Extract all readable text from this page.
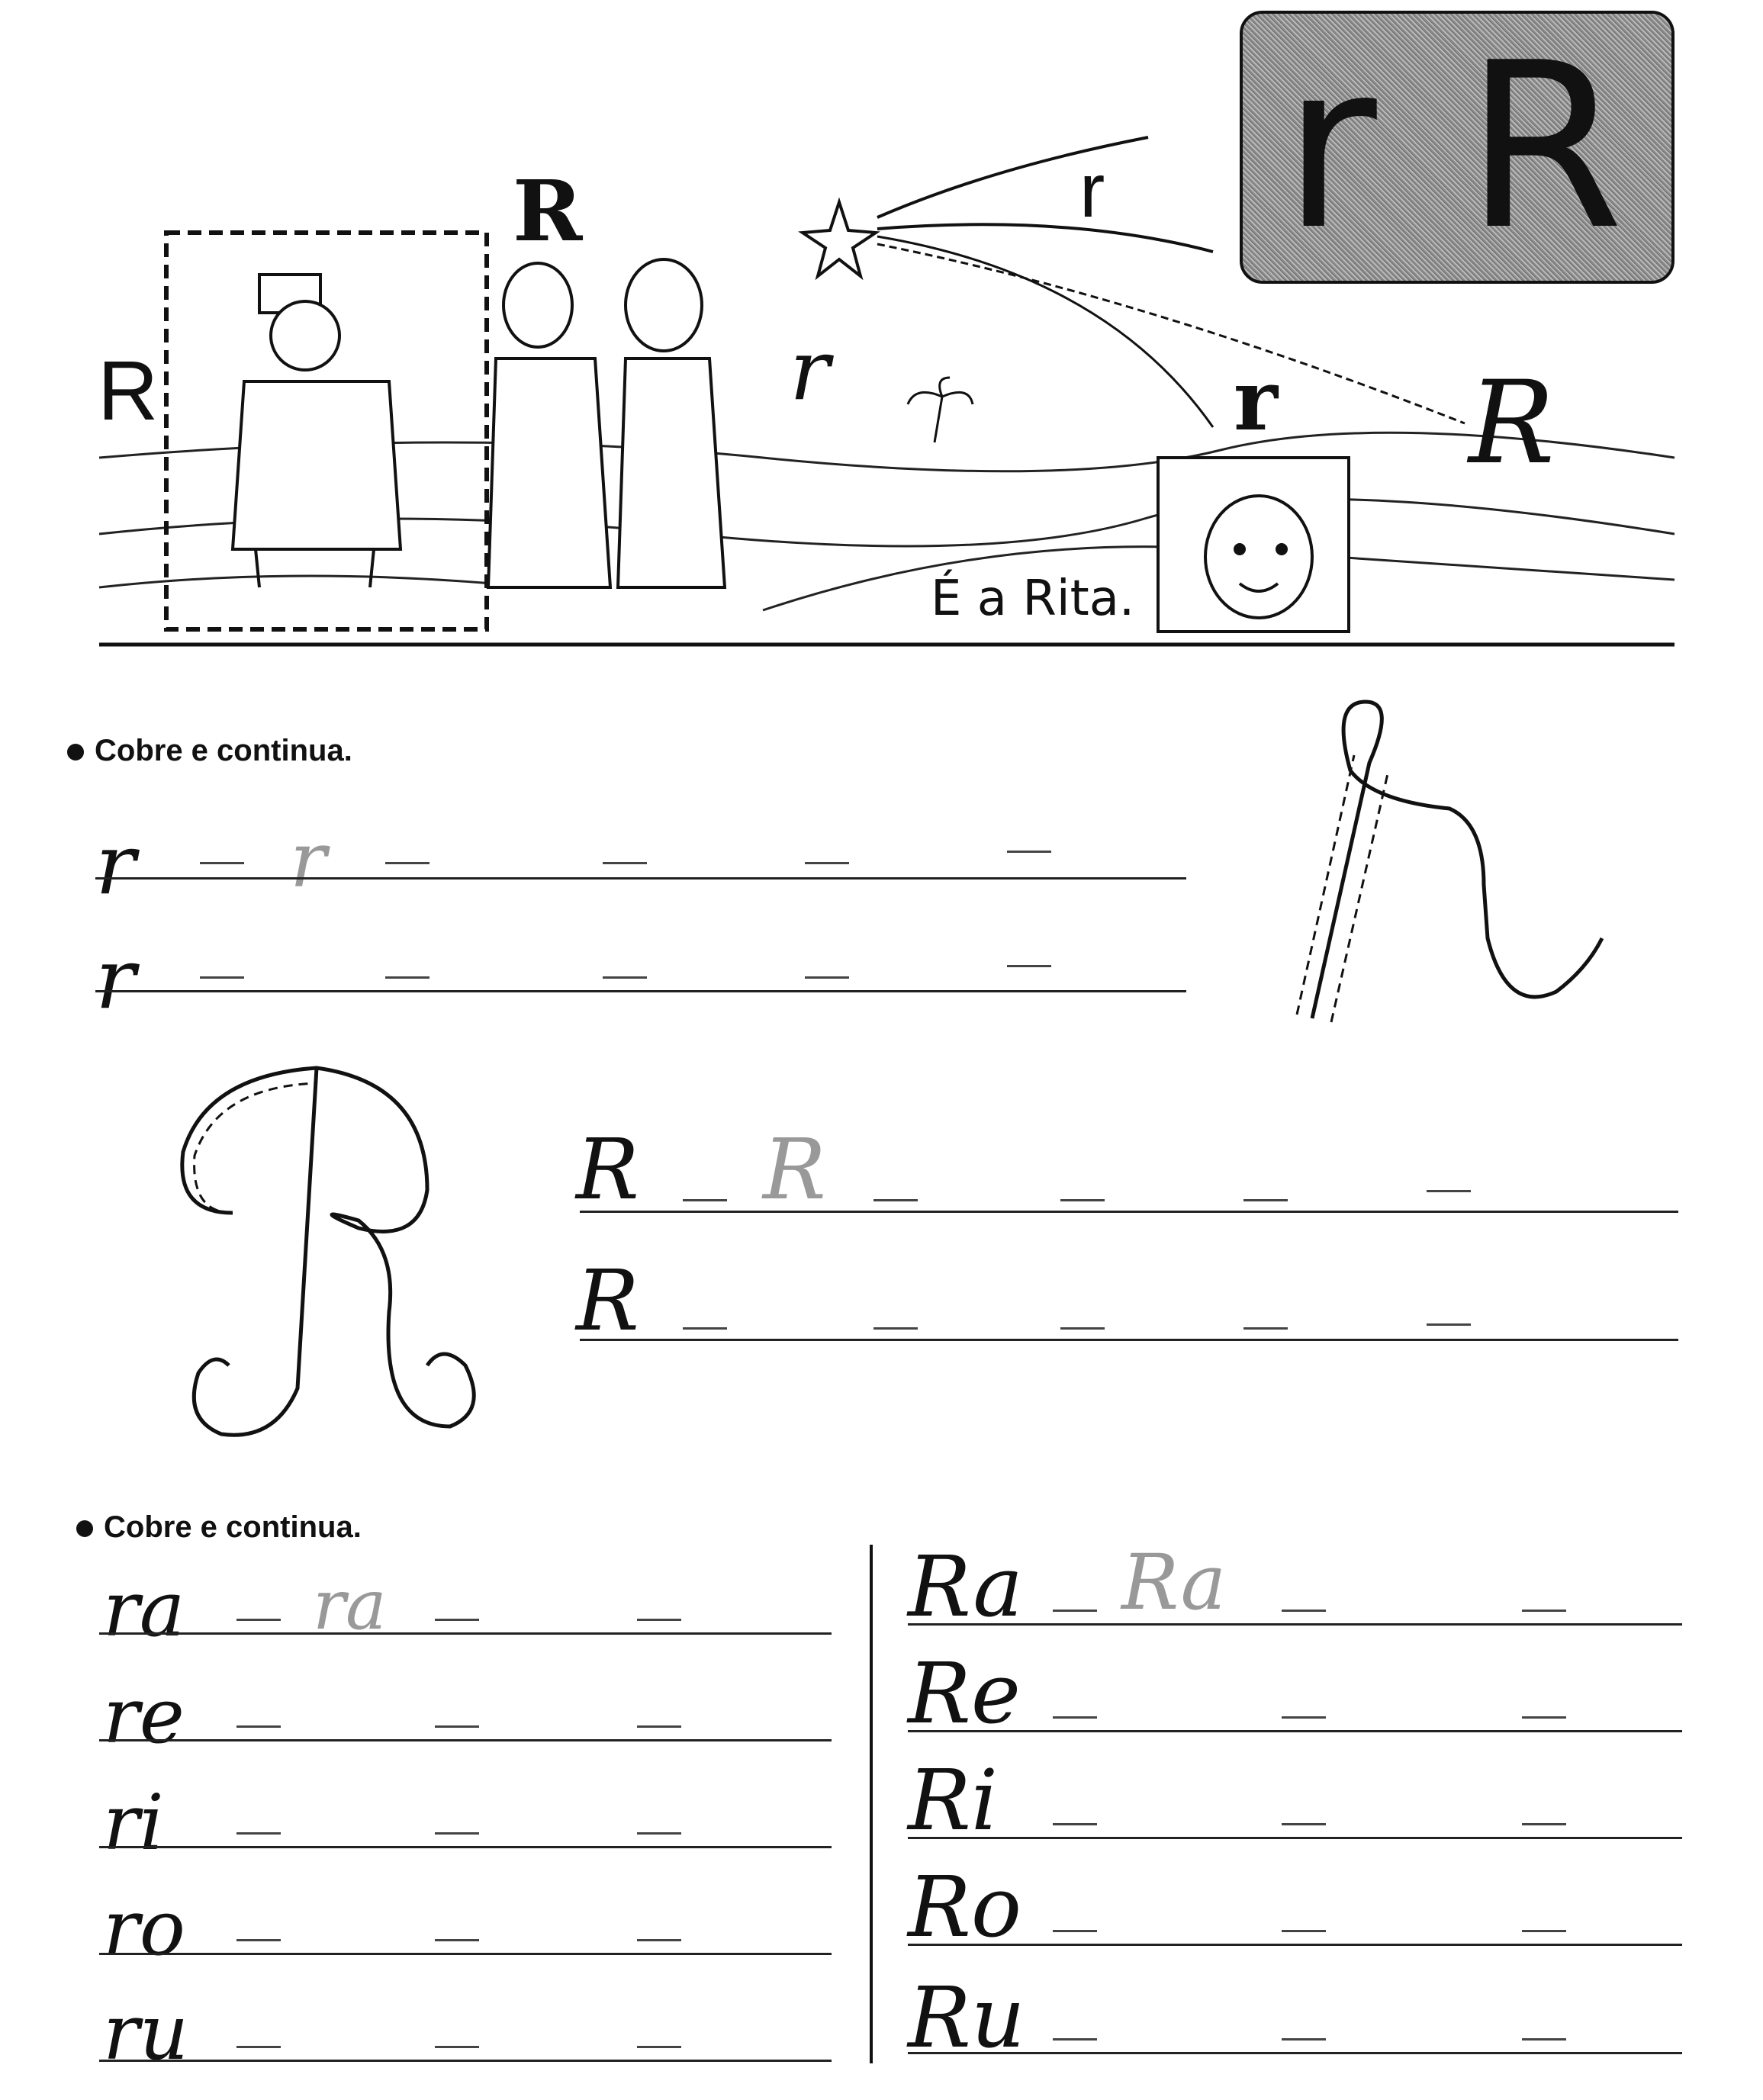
r R
R
R	r	r
r
R
É a Rita.
Cobre e continua.
r r
r
R R
R
Cobre e continua.
ra ra
re
ri
ro
ru
Ra Ra
Re
Ri
Ro
Ru
